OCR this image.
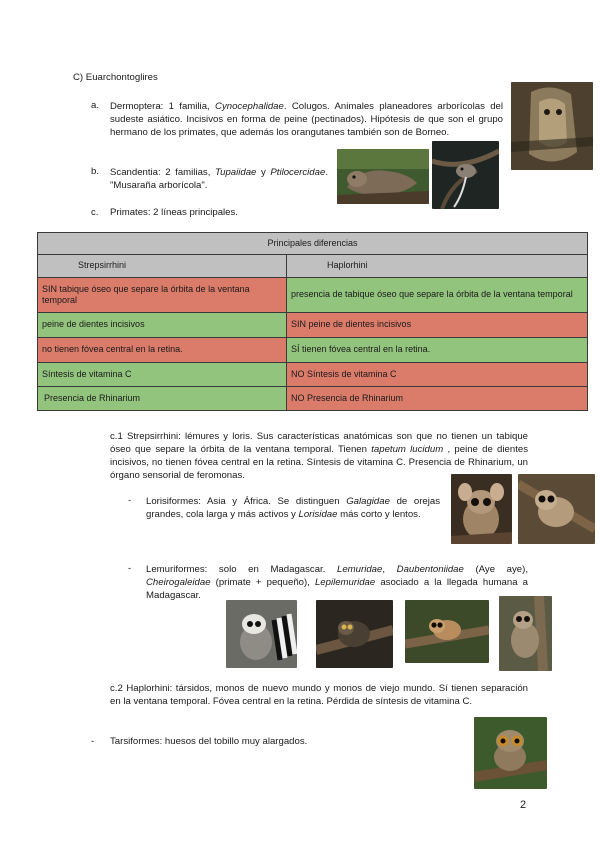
C) Euarchontoglires
a. Dermoptera: 1 familia, Cynocephalidae. Colugos. Animales planeadores arborícolas del sudeste asiático. Incisivos en forma de peine (pectinados). Hipótesis de que son el grupo hermano de los primates, que además los orangutanes también son de Borneo.
b. Scandentia: 2 familias, Tupaiidae y Ptilocercidae. "Musaraña arborícola".
c. Primates: 2 líneas principales.
Principales diferencias	
Strepsirrhini	Haplorhini
SIN tabique óseo que separe la órbita de la ventana temporal	presencia de tabique óseo que separe la órbita de la ventana temporal
peine de dientes incisivos	SIN peine de dientes incisivos
no tienen fóvea central en la retina.	SÍ tienen fóvea central en la retina.
Síntesis de vitamina C	NO Síntesis de vitamina C
Presencia de Rhinarium	NO Presencia de Rhinarium
c.1 Strepsirrhini: lémures y loris. Sus características anatómicas son que no tienen un tabique óseo que separe la órbita de la ventana temporal. Tienen tapetum lucidum , peine de dientes incisivos, no tienen fóvea central en la retina. Síntesis de vitamina C. Presencia de Rhinarium, un órgano sensorial de feromonas.
- Lorisiformes: Asia y África. Se distinguen Galagidae de orejas grandes, cola larga y más activos y Lorisidae más corto y lentos.
- Lemuriformes: solo en Madagascar. Lemuridae, Daubentoniidae (Aye aye), Cheirogaleidae (primate + pequeño), Lepilemuridae asociado a la llegada humana a Madagascar.
c.2 Haplorhini: társidos, monos de nuevo mundo y monos de viejo mundo. Sí tienen separación en la ventana temporal. Fóvea central en la retina. Pérdida de síntesis de vitamina C.
- Tarsiformes: huesos del tobillo muy alargados.
2
